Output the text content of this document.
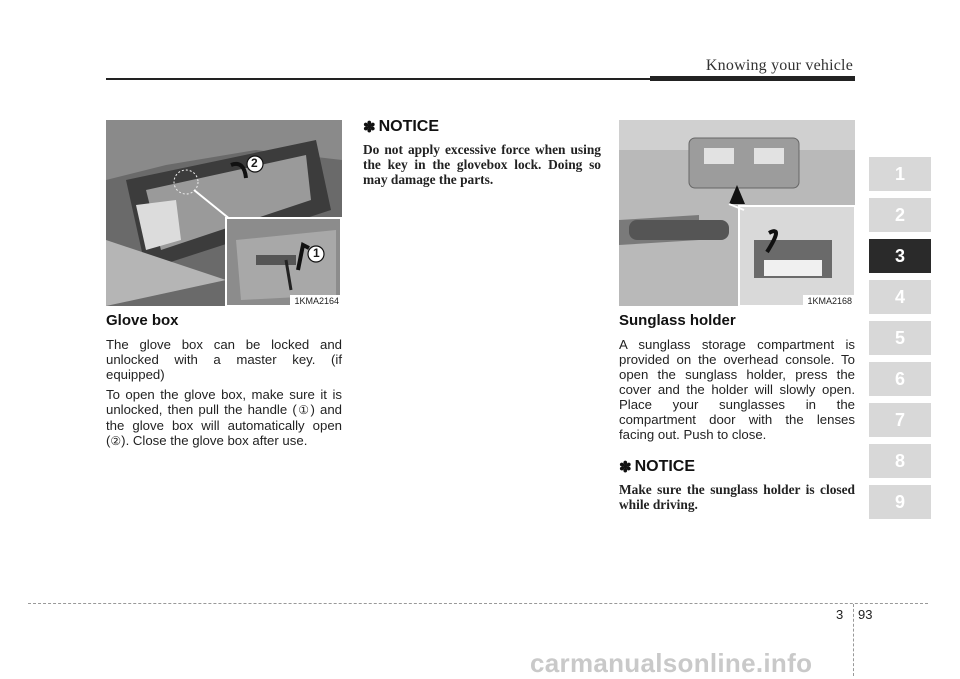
Knowing your vehicle
2
1
1KMA2164
Glove box

The glove box can be locked and unlocked with a master key. (if equipped)

To open the glove box, make sure it is unlocked, then pull the handle (①) and the glove box will automatically open (②). Close the glove box after use.

✽ NOTICE

Do not apply excessive force when using the key in the glovebox lock. Doing so may damage the parts.

1KMA2168
Sunglass holder

A sunglass storage compartment is provided on the overhead console. To open the sunglass holder, press the cover and the holder will slowly open. Place your sunglasses in the compartment door with the lenses facing out. Push to close.

✽ NOTICE

Make sure the sunglass holder is closed while driving.

1
2
3
4
5
6
7
8
9
3 93
carmanualsonline.info
